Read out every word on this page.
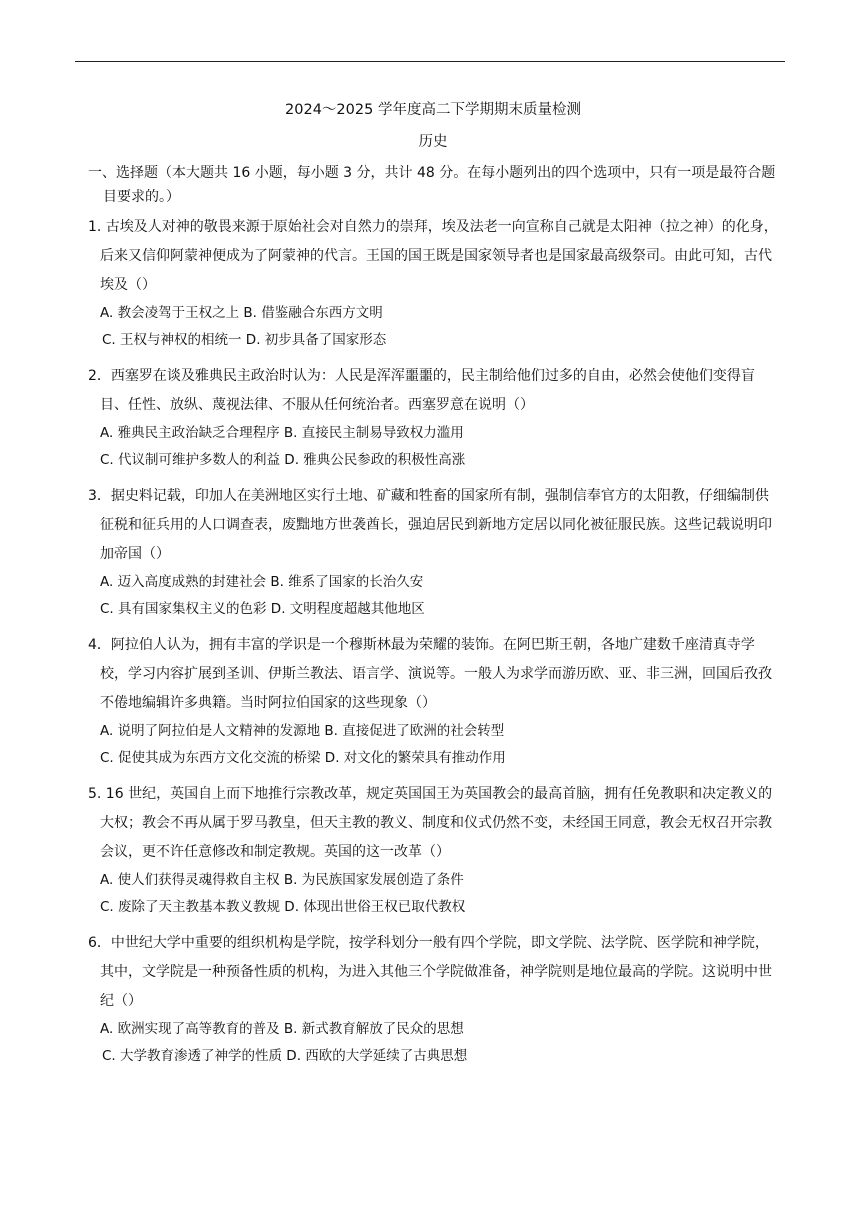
2024～2025 学年度高二下学期期末质量检测
历史
一、选择题（本大题共 16 小题，每小题 3 分，共计 48 分。在每小题列出的四个选项中，只有一项是最符合题目要求的。）
1. 古埃及人对神的敬畏来源于原始社会对自然力的崇拜，埃及法老一向宣称自己就是太阳神（拉之神）的化身，后来又信仰阿蒙神便成为了阿蒙神的代言。王国的国王既是国家领导者也是国家最高级祭司。由此可知，古代埃及（）
A. 教会凌驾于王权之上 B. 借鉴融合东西方文明
C. 王权与神权的相统一 D. 初步具备了国家形态
2．西塞罗在谈及雅典民主政治时认为：人民是浑浑噩噩的，民主制给他们过多的自由，必然会使他们变得盲目、任性、放纵、蔑视法律、不服从任何统治者。西塞罗意在说明（）
A. 雅典民主政治缺乏合理程序 B. 直接民主制易导致权力滥用
C. 代议制可维护多数人的利益 D. 雅典公民参政的积极性高涨
3．据史料记载，印加人在美洲地区实行土地、矿藏和牲畜的国家所有制，强制信奉官方的太阳教，仔细编制供征税和征兵用的人口调查表，废黜地方世袭酋长，强迫居民到新地方定居以同化被征服民族。这些记载说明印加帝国（）
A. 迈入高度成熟的封建社会 B. 维系了国家的长治久安
C. 具有国家集权主义的色彩 D. 文明程度超越其他地区
4．阿拉伯人认为，拥有丰富的学识是一个穆斯林最为荣耀的装饰。在阿巴斯王朝，各地广建数千座清真寺学校，学习内容扩展到圣训、伊斯兰教法、语言学、演说等。一般人为求学而游历欧、亚、非三洲，回国后孜孜不倦地编辑许多典籍。当时阿拉伯国家的这些现象（）
A. 说明了阿拉伯是人文精神的发源地 B. 直接促进了欧洲的社会转型
C. 促使其成为东西方文化交流的桥梁 D. 对文化的繁荣具有推动作用
5. 16 世纪，英国自上而下地推行宗教改革，规定英国国王为英国教会的最高首脑，拥有任免教职和决定教义的大权；教会不再从属于罗马教皇，但天主教的教义、制度和仪式仍然不变，未经国王同意，教会无权召开宗教会议，更不许任意修改和制定教规。英国的这一改革（）
A. 使人们获得灵魂得救自主权 B. 为民族国家发展创造了条件
C. 废除了天主教基本教义教规 D. 体现出世俗王权已取代教权
6．中世纪大学中重要的组织机构是学院，按学科划分一般有四个学院，即文学院、法学院、医学院和神学院，其中，文学院是一种预备性质的机构，为进入其他三个学院做准备，神学院则是地位最高的学院。这说明中世纪（）
A. 欧洲实现了高等教育的普及 B. 新式教育解放了民众的思想
C. 大学教育渗透了神学的性质 D. 西欧的大学延续了古典思想
